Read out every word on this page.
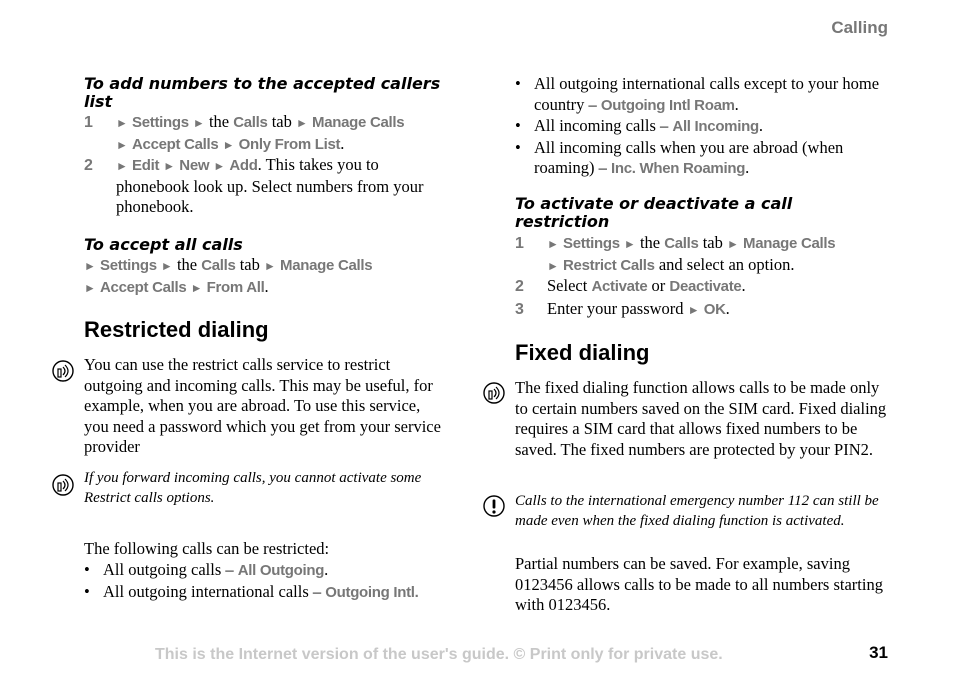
Calling
To add numbers to the accepted callers list
1 ► Settings ► the Calls tab ► Manage Calls
► Accept Calls ► Only From List.
2 ► Edit ► New ► Add. This takes you to phonebook look up. Select numbers from your phonebook.
To accept all calls
► Settings ► the Calls tab ► Manage Calls
► Accept Calls ► From All.
Restricted dialing
You can use the restrict calls service to restrict outgoing and incoming calls. This may be useful, for example, when you are abroad. To use this service, you need a password which you get from your service provider
If you forward incoming calls, you cannot activate some Restrict calls options.
The following calls can be restricted:
• All outgoing calls – All Outgoing.
• All outgoing international calls – Outgoing Intl.
• All outgoing international calls except to your home country – Outgoing Intl Roam.
• All incoming calls – All Incoming.
• All incoming calls when you are abroad (when roaming) – Inc. When Roaming.
To activate or deactivate a call restriction
1 ► Settings ► the Calls tab ► Manage Calls
► Restrict Calls and select an option.
2 Select Activate or Deactivate.
3 Enter your password ► OK.
Fixed dialing
The fixed dialing function allows calls to be made only to certain numbers saved on the SIM card. Fixed dialing requires a SIM card that allows fixed numbers to be saved. The fixed numbers are protected by your PIN2.
Calls to the international emergency number 112 can still be made even when the fixed dialing function is activated.
Partial numbers can be saved. For example, saving 0123456 allows calls to be made to all numbers starting with 0123456.
This is the Internet version of the user's guide. © Print only for private use.	31
